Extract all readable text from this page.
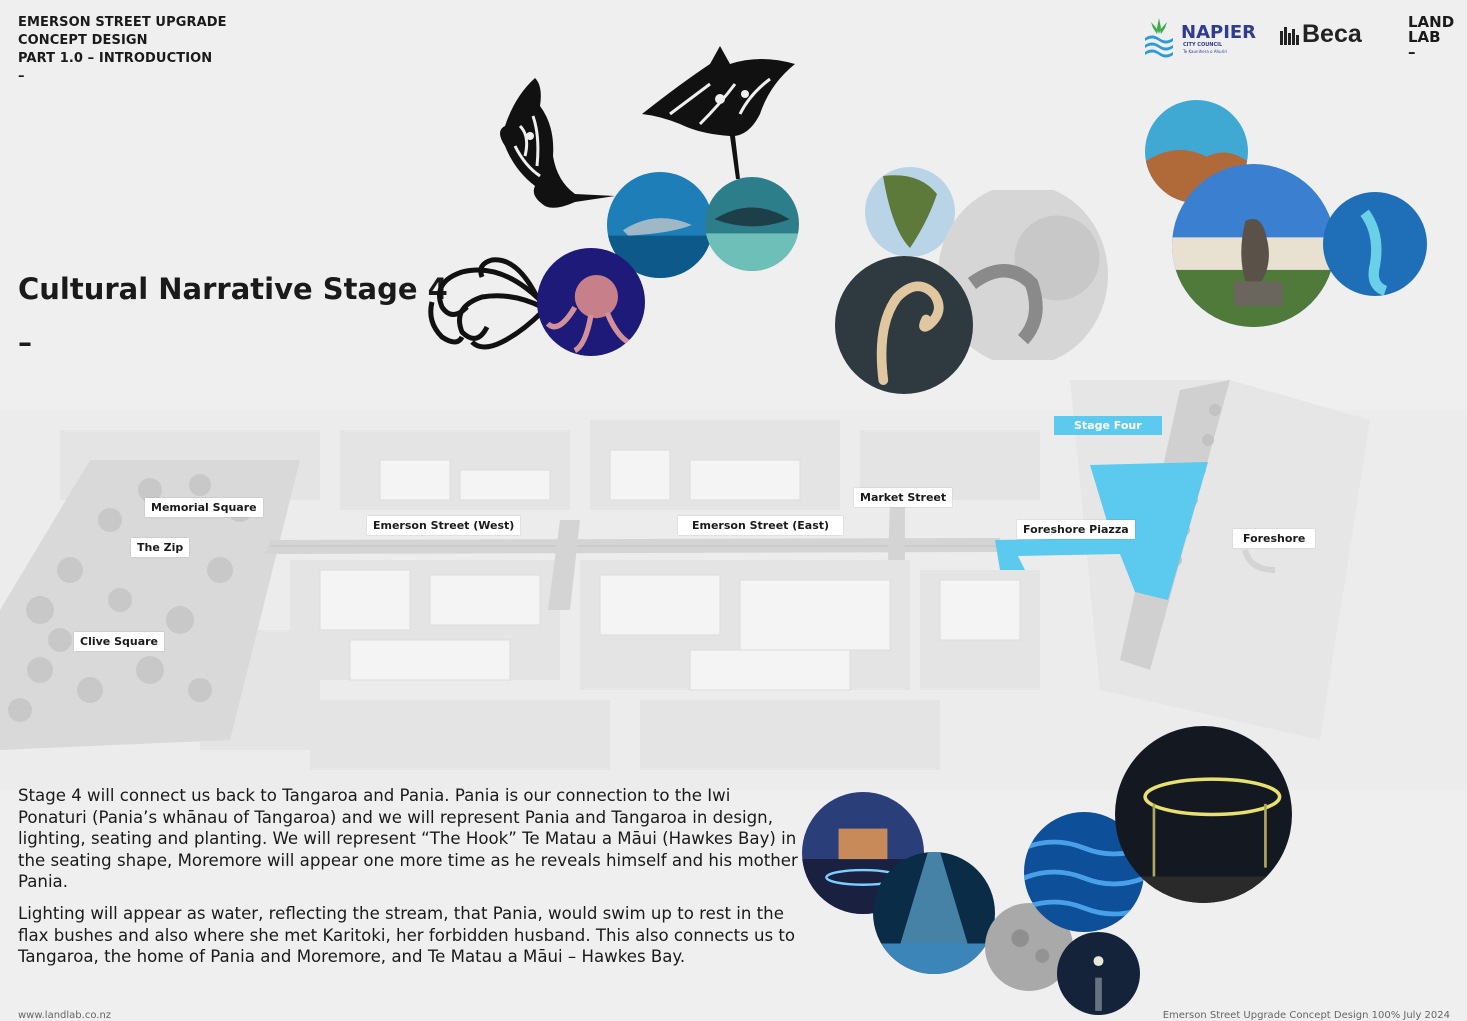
EMERSON STREET UPGRADE
CONCEPT DESIGN
PART 1.0 – INTRODUCTION
–
NAPIER
CITY COUNCIL
Te Kaunihera o Ahuriri
Beca	LAND
LAB
–
Cultural Narrative Stage 4
–
Stage Four
Memorial Square
The Zip
Clive Square
Emerson Street (West)	Emerson Street (East)
Market Street
Foreshore Piazza
Foreshore
Stage 4 will connect us back to Tangaroa and Pania. Pania is our connection to the Iwi Ponaturi (Pania’s whānau of Tangaroa) and we will represent Pania and Tangaroa in design, lighting, seating and planting. We will represent “The Hook” Te Matau a Māui (Hawkes Bay) in the seating shape, Moremore will appear one more time as he reveals himself and his mother Pania.
Lighting will appear as water, reflecting the stream, that Pania, would swim up to rest in the flax bushes and also where she met Karitoki, her forbidden husband. This also connects us to Tangaroa, the home of Pania and Moremore, and Te Matau a Māui – Hawkes Bay.
www.landlab.co.nz	Emerson Street Upgrade Concept Design 100% July 2024
